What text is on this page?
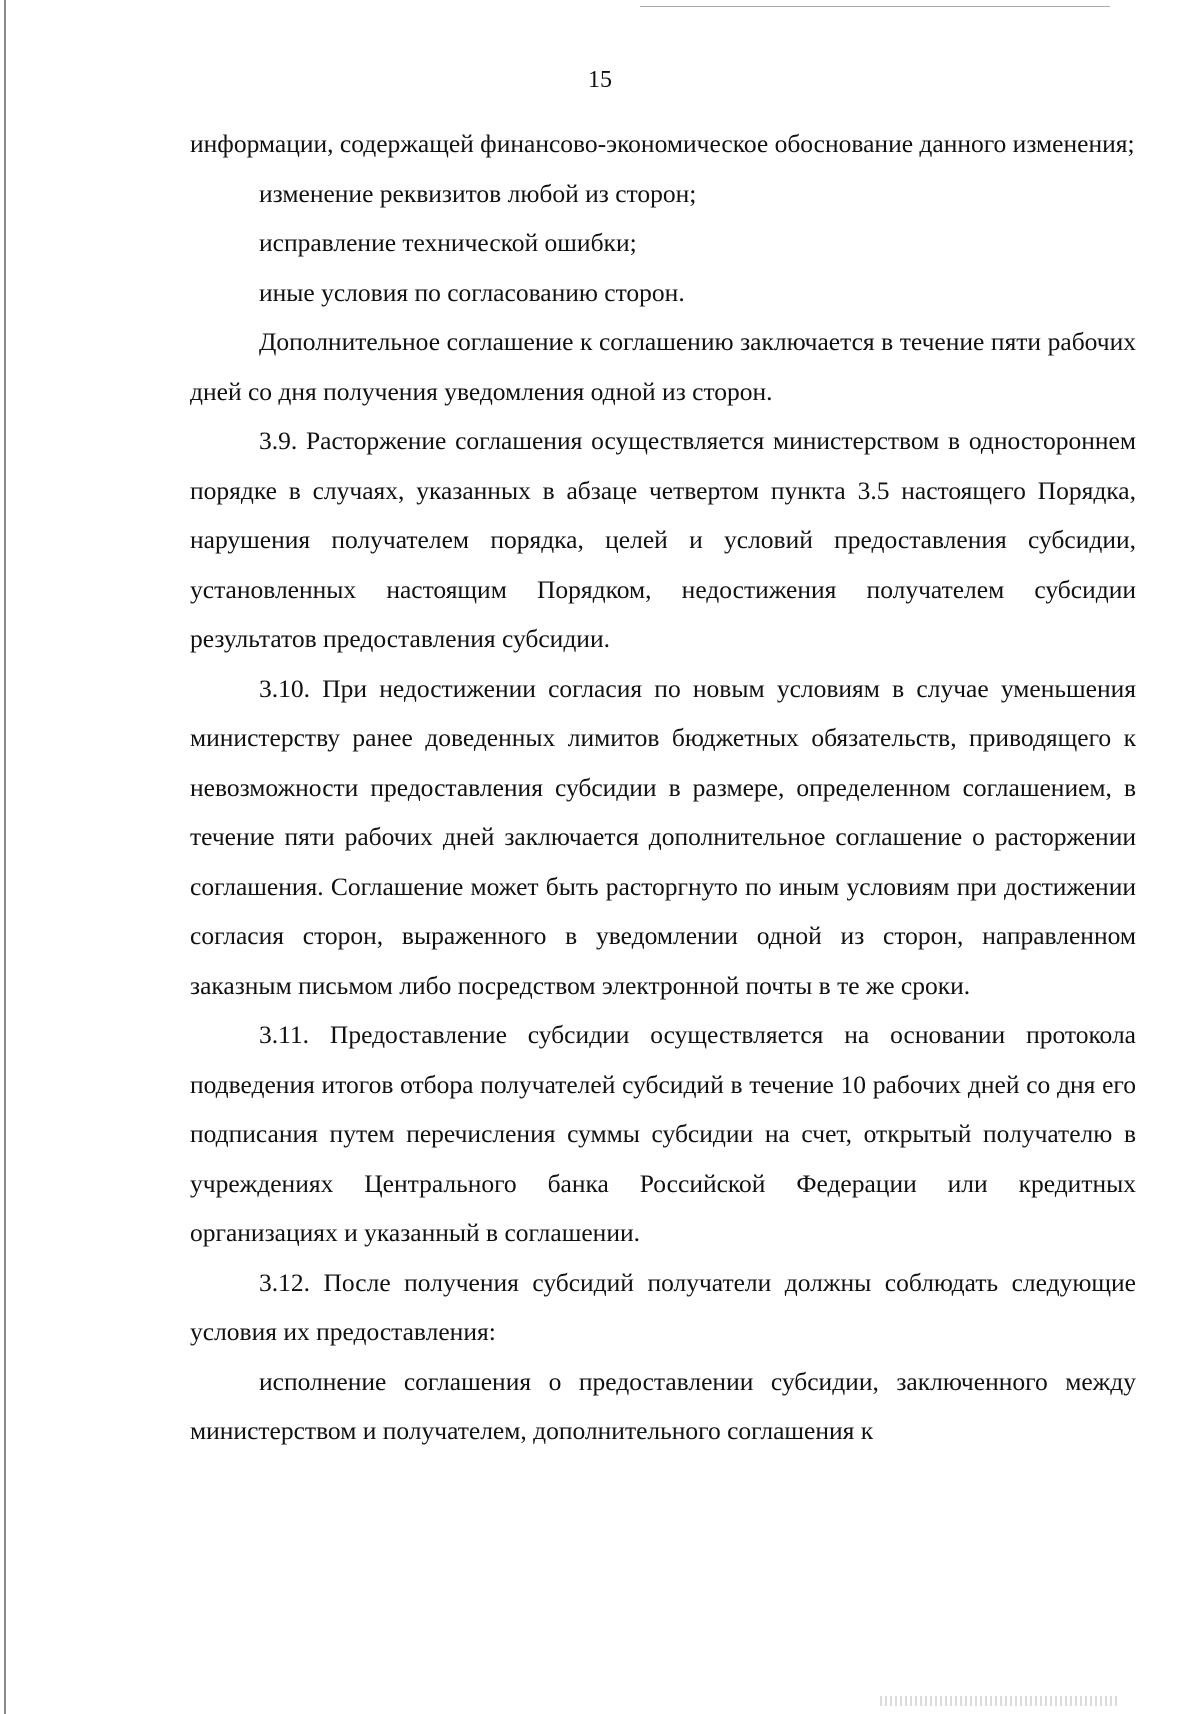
15

информации, содержащей финансово-экономическое обоснование данного изменения;

изменение реквизитов любой из сторон;

исправление технической ошибки;

иные условия по согласованию сторон.

Дополнительное соглашение к соглашению заключается в течение пяти рабочих дней со дня получения уведомления одной из сторон.

3.9. Расторжение соглашения осуществляется министерством в одностороннем порядке в случаях, указанных в абзаце четвертом пункта 3.5 настоящего Порядка, нарушения получателем порядка, целей и условий предоставления субсидии, установленных настоящим Порядком, недостижения получателем субсидии результатов предоставления субсидии.

3.10. При недостижении согласия по новым условиям в случае уменьшения министерству ранее доведенных лимитов бюджетных обязательств, приводящего к невозможности предоставления субсидии в размере, определенном соглашением, в течение пяти рабочих дней заключается дополнительное соглашение о расторжении соглашения. Соглашение может быть расторгнуто по иным условиям при достижении согласия сторон, выраженного в уведомлении одной из сторон, направленном заказным письмом либо посредством электронной почты в те же сроки.

3.11. Предоставление субсидии осуществляется на основании протокола подведения итогов отбора получателей субсидий в течение 10 рабочих дней со дня его подписания путем перечисления суммы субсидии на счет, открытый получателю в учреждениях Центрального банка Российской Федерации или кредитных организациях и указанный в соглашении.

3.12. После получения субсидий получатели должны соблюдать следующие условия их предоставления:

исполнение соглашения о предоставлении субсидии, заключенного между министерством и получателем, дополнительного соглашения к
